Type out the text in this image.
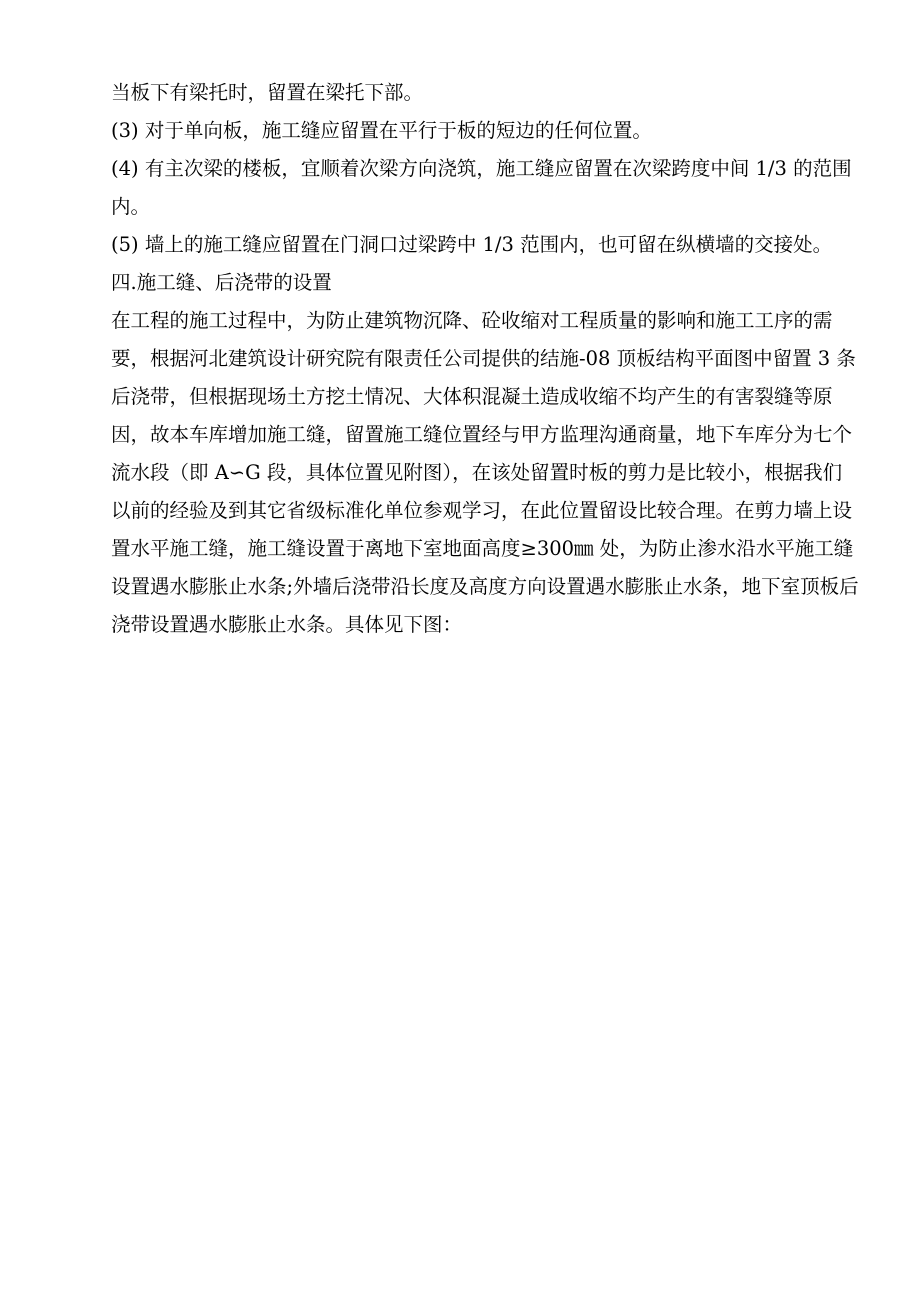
当板下有梁托时，留置在梁托下部。

(3) 对于单向板，施工缝应留置在平行于板的短边的任何位置。

(4) 有主次梁的楼板，宜顺着次梁方向浇筑，施工缝应留置在次梁跨度中间 1/3 的范围内。

(5) 墙上的施工缝应留置在门洞口过梁跨中 1/3 范围内，也可留在纵横墙的交接处。

四.施工缝、后浇带的设置

在工程的施工过程中，为防止建筑物沉降、砼收缩对工程质量的影响和施工工序的需要，根据河北建筑设计研究院有限责任公司提供的结施-08 顶板结构平面图中留置 3 条后浇带，但根据现场土方挖土情况、大体积混凝土造成收缩不均产生的有害裂缝等原因，故本车库增加施工缝，留置施工缝位置经与甲方监理沟通商量，地下车库分为七个流水段（即 A∽G 段，具体位置见附图），在该处留置时板的剪力是比较小，根据我们以前的经验及到其它省级标准化单位参观学习，在此位置留设比较合理。在剪力墙上设置水平施工缝，施工缝设置于离地下室地面高度≥300㎜ 处，为防止渗水沿水平施工缝设置遇水膨胀止水条;外墙后浇带沿长度及高度方向设置遇水膨胀止水条，地下室顶板后浇带设置遇水膨胀止水条。具体见下图：
